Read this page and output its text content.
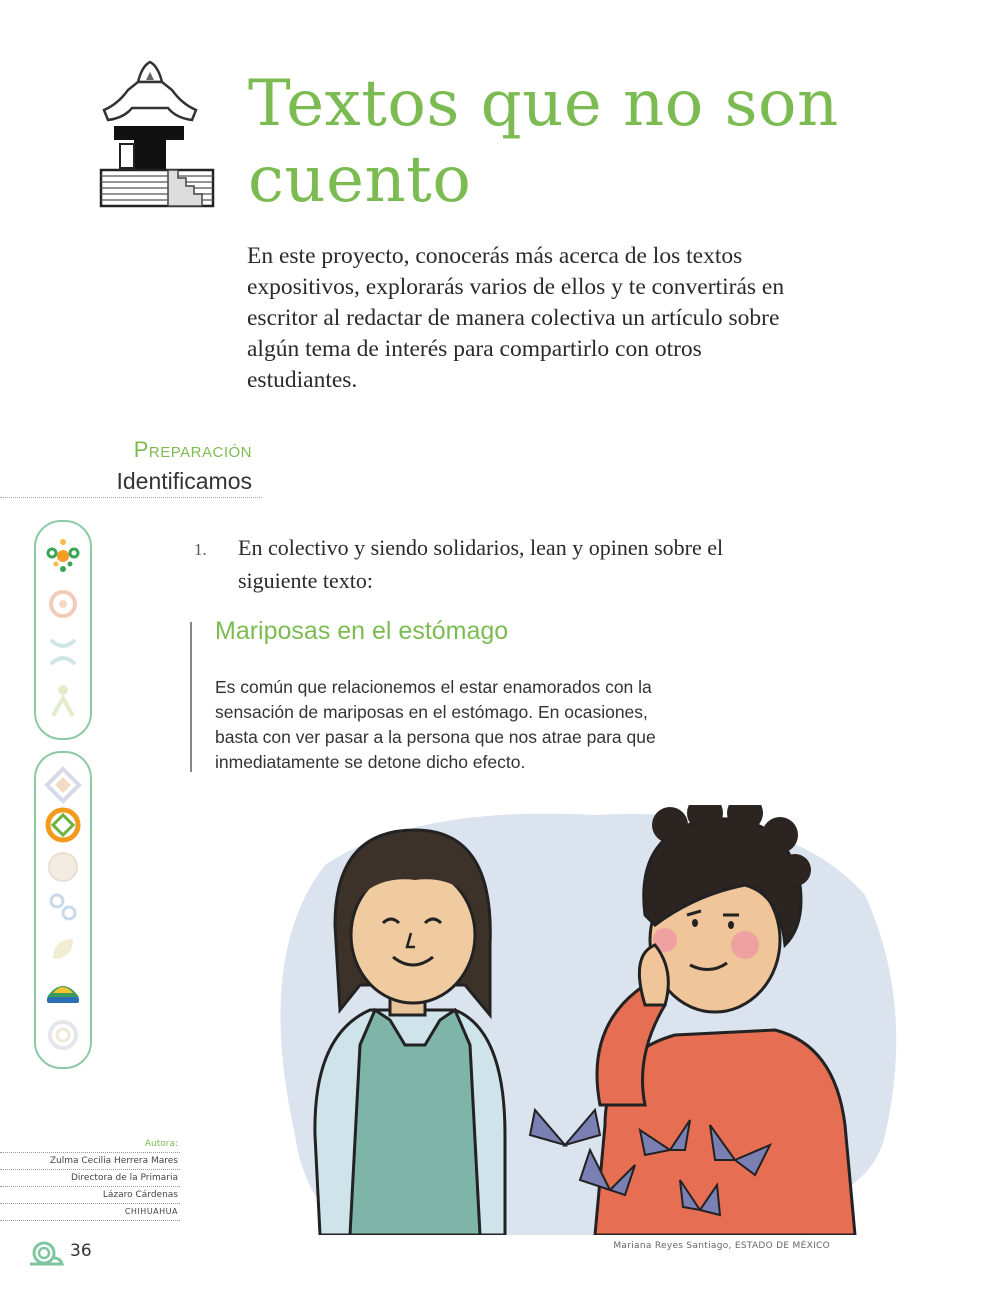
Textos que no son cuento

En este proyecto, conocerás más acerca de los textos expositivos, explorarás varios de ellos y te convertirás en escritor al redactar de manera colectiva un artículo sobre algún tema de interés para compartirlo con otros estudiantes.

Preparación
Identificamos

1. En colectivo y siendo solidarios, lean y opinen sobre el siguiente texto:

Mariposas en el estómago

Es común que relacionemos el estar enamorados con la sensación de mariposas en el estómago. En ocasiones, basta con ver pasar a la persona que nos atrae para que inmediatamente se detone dicho efecto.

Autora:
Zulma Cecilia Herrera Mares
Directora de la Primaria
Lázaro Cárdenas
CHIHUAHUA
36	Mariana Reyes Santiago, ESTADO DE MÉXICO
